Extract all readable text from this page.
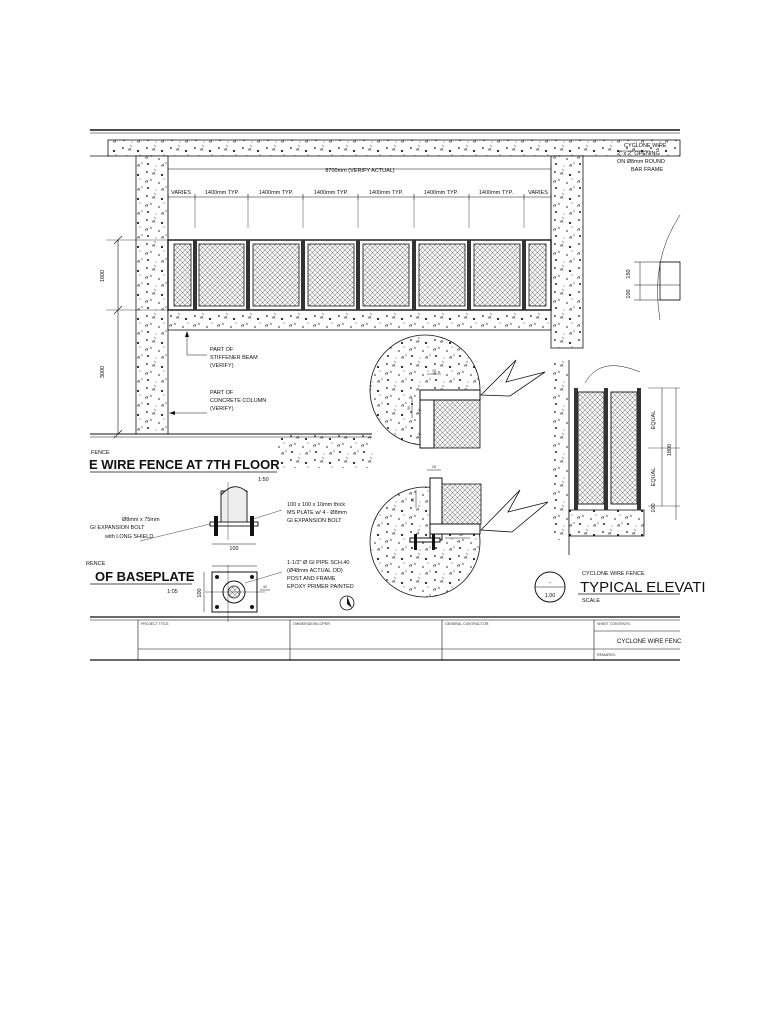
8700mm (VERIFY ACTUAL)
VARIES	1400mm TYP.	1400mm TYP.	1400mm TYP.	1400mm TYP.	1400mm TYP.	1400mm TYP.	VARIES
1800
3000
PART OF STIFFENER BEAM (VERIFY)
PART OF CONCRETE COLUMN (VERIFY)
CYCLONE WIRE 2" x 2" OPENING ON Ø8mm ROUND BAR FRAME
150
100
FENCE
E WIRE FENCE AT 7TH FLOOR
1:50
25
50
25
50
30
100
100
40
Ø8mm x 75mm GI EXPANSION BOLT with LONG SHIELD
100 x 100 x 10mm thick MS PLATE w/ 4 - Ø8mm GI EXPANSION BOLT
1-1/2" Ø GI PIPE SCH.40 (Ø48mm ACTUAL OD) POST AND FRAME EPOXY PRIMER PAINTED
RENCE
OF BASEPLATE
1:05
EQUAL
EQUAL
1800
100
-
1.00
CYCLONE WIRE FENCE
TYPICAL ELEVATI
SCALE
PROJECT TITLE:	OWNER/DEVELOPER:	GENERAL CONTRACTOR:	SHEET CONTENTS:
CYCLONE WIRE FENC
REMARKS:
